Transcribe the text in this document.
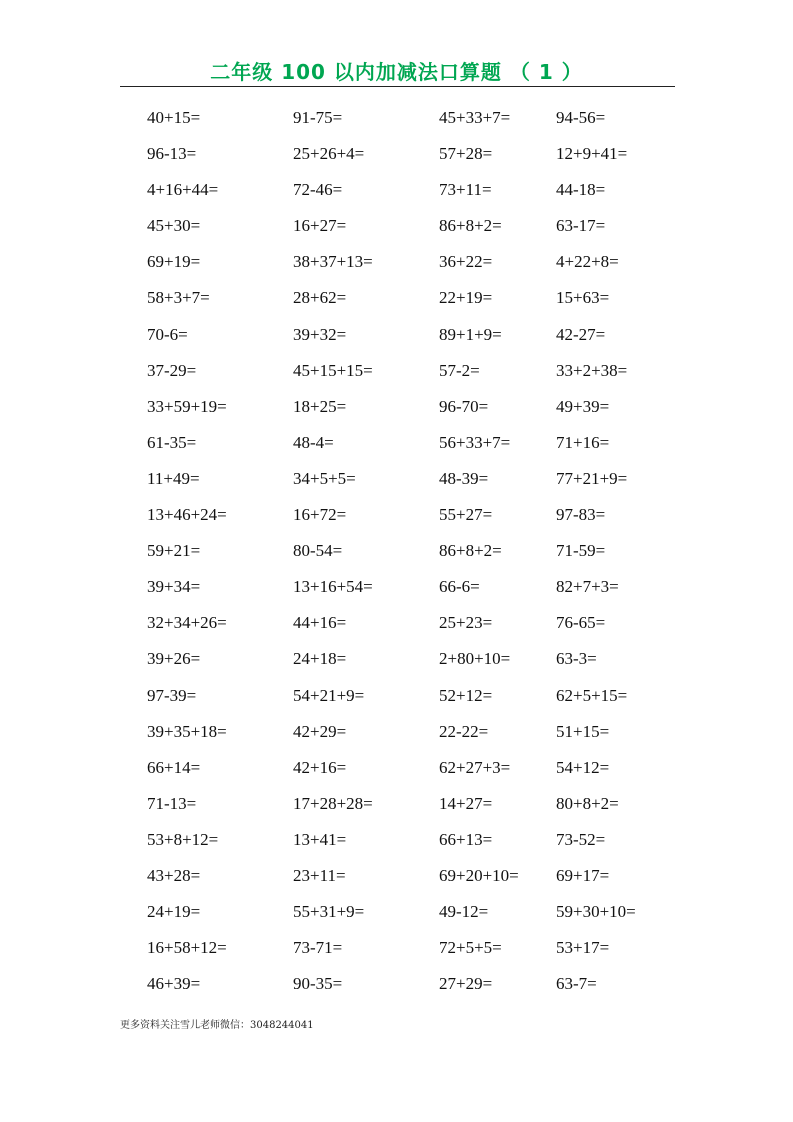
二年级 100 以内加减法口算题 （ 1 ）
40+15=	91-75=	45+33+7=	94-56=
96-13=	25+26+4=	57+28=	12+9+41=
4+16+44=	72-46=	73+11=	44-18=
45+30=	16+27=	86+8+2=	63-17=
69+19=	38+37+13=	36+22=	4+22+8=
58+3+7=	28+62=	22+19=	15+63=
70-6=	39+32=	89+1+9=	42-27=
37-29=	45+15+15=	57-2=	33+2+38=
33+59+19=	18+25=	96-70=	49+39=
61-35=	48-4=	56+33+7=	71+16=
11+49=	34+5+5=	48-39=	77+21+9=
13+46+24=	16+72=	55+27=	97-83=
59+21=	80-54=	86+8+2=	71-59=
39+34=	13+16+54=	66-6=	82+7+3=
32+34+26=	44+16=	25+23=	76-65=
39+26=	24+18=	2+80+10=	63-3=
97-39=	54+21+9=	52+12=	62+5+15=
39+35+18=	42+29=	22-22=	51+15=
66+14=	42+16=	62+27+3=	54+12=
71-13=	17+28+28=	14+27=	80+8+2=
53+8+12=	13+41=	66+13=	73-52=
43+28=	23+11=	69+20+10= 69+17=
24+19=	55+31+9=	49-12=	59+30+10=
16+58+12=	73-71=	72+5+5=	53+17=
46+39=	90-35=	27+29=	63-7=
更多资料关注雪儿老师微信：3048244041
